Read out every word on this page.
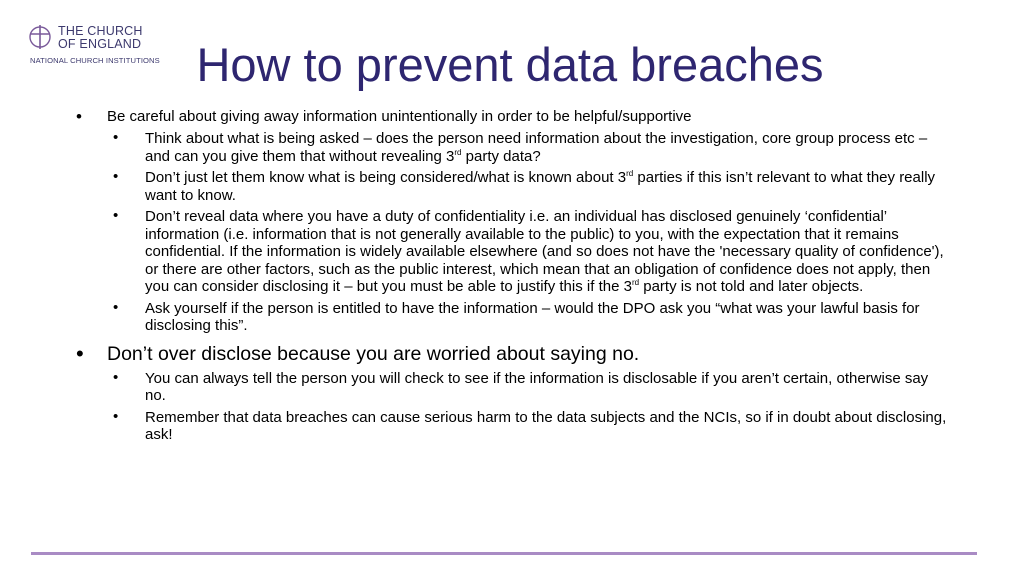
THE CHURCH
OF ENGLAND
NATIONAL CHURCH INSTITUTIONS How to prevent data breaches
• Be careful about giving away information unintentionally in order to be helpful/supportive
• Think about what is being asked – does the person need information about the investigation, core group process etc – and can you give them that without revealing 3rd party data?
• Don’t just let them know what is being considered/what is known about 3rd parties if this isn’t relevant to what they really want to know.
• Don’t reveal data where you have a duty of confidentiality i.e. an individual has disclosed genuinely ‘confidential’ information (i.e. information that is not generally available to the public) to you, with the expectation that it remains confidential. If the information is widely available elsewhere (and so does not have the 'necessary quality of confidence'), or there are other factors, such as the public interest, which mean that an obligation of confidence does not apply, then you can consider disclosing it – but you must be able to justify this if the 3rd party is not told and later objects.
• Ask yourself if the person is entitled to have the information – would the DPO ask you “what was your lawful basis for disclosing this”.
• Don’t over disclose because you are worried about saying no.
• You can always tell the person you will check to see if the information is disclosable if you aren’t certain, otherwise say no.
• Remember that data breaches can cause serious harm to the data subjects and the NCIs, so if in doubt about disclosing, ask!
